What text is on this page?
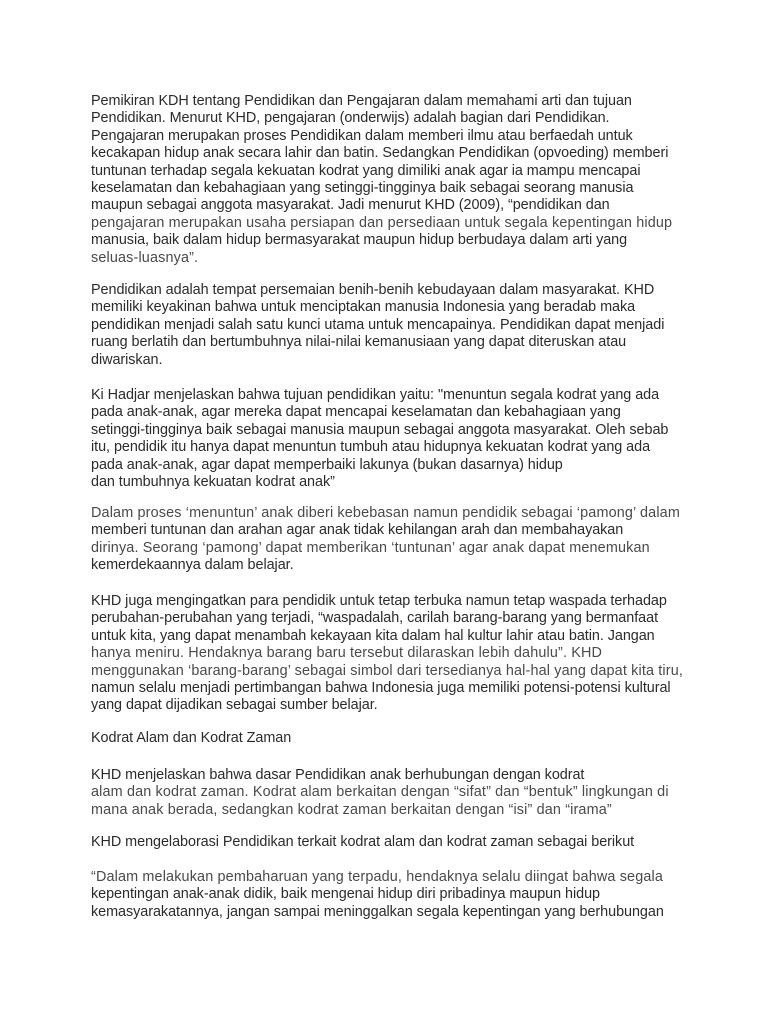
Pemikiran KDH tentang Pendidikan dan Pengajaran dalam memahami arti dan tujuan
Pendidikan. Menurut KHD, pengajaran (onderwijs) adalah bagian dari Pendidikan.
Pengajaran merupakan proses Pendidikan dalam memberi ilmu atau berfaedah untuk
kecakapan hidup anak secara lahir dan batin. Sedangkan Pendidikan (opvoeding) memberi
tuntunan terhadap segala kekuatan kodrat yang dimiliki anak agar ia mampu mencapai
keselamatan dan kebahagiaan yang setinggi-tingginya baik sebagai seorang manusia
maupun sebagai anggota masyarakat. Jadi menurut KHD (2009), “pendidikan dan
pengajaran merupakan usaha persiapan dan persediaan untuk segala kepentingan hidup
manusia, baik dalam hidup bermasyarakat maupun hidup berbudaya dalam arti yang
seluas-luasnya”.
Pendidikan adalah tempat persemaian benih-benih kebudayaan dalam masyarakat. KHD
memiliki keyakinan bahwa untuk menciptakan manusia Indonesia yang beradab maka
pendidikan menjadi salah satu kunci utama untuk mencapainya. Pendidikan dapat menjadi
ruang berlatih dan bertumbuhnya nilai-nilai kemanusiaan yang dapat diteruskan atau
diwariskan.
Ki Hadjar menjelaskan bahwa tujuan pendidikan yaitu: "menuntun segala kodrat yang ada
pada anak-anak, agar mereka dapat mencapai keselamatan dan kebahagiaan yang
setinggi-tingginya baik sebagai manusia maupun sebagai anggota masyarakat. Oleh sebab
itu, pendidik itu hanya dapat menuntun tumbuh atau hidupnya kekuatan kodrat yang ada
pada anak-anak, agar dapat memperbaiki lakunya (bukan dasarnya) hidup
dan tumbuhnya kekuatan kodrat anak”
Dalam proses ‘menuntun’ anak diberi kebebasan namun pendidik sebagai ‘pamong’ dalam
memberi tuntunan dan arahan agar anak tidak kehilangan arah dan membahayakan
dirinya. Seorang ‘pamong’ dapat memberikan ‘tuntunan’ agar anak dapat menemukan
kemerdekaannya dalam belajar.
KHD juga mengingatkan para pendidik untuk tetap terbuka namun tetap waspada terhadap
perubahan-perubahan yang terjadi, “waspadalah, carilah barang-barang yang bermanfaat
untuk kita, yang dapat menambah kekayaan kita dalam hal kultur lahir atau batin. Jangan
hanya meniru. Hendaknya barang baru tersebut dilaraskan lebih dahulu”. KHD
menggunakan ‘barang-barang’ sebagai simbol dari tersedianya hal-hal yang dapat kita tiru,
namun selalu menjadi pertimbangan bahwa Indonesia juga memiliki potensi-potensi kultural
yang dapat dijadikan sebagai sumber belajar.
Kodrat Alam dan Kodrat Zaman
KHD menjelaskan bahwa dasar Pendidikan anak berhubungan dengan kodrat
alam dan kodrat zaman. Kodrat alam berkaitan dengan “sifat” dan “bentuk” lingkungan di
mana anak berada, sedangkan kodrat zaman berkaitan dengan “isi” dan “irama”
KHD mengelaborasi Pendidikan terkait kodrat alam dan kodrat zaman sebagai berikut
“Dalam melakukan pembaharuan yang terpadu, hendaknya selalu diingat bahwa segala
kepentingan anak-anak didik, baik mengenai hidup diri pribadinya maupun hidup
kemasyarakatannya, jangan sampai meninggalkan segala kepentingan yang berhubungan
